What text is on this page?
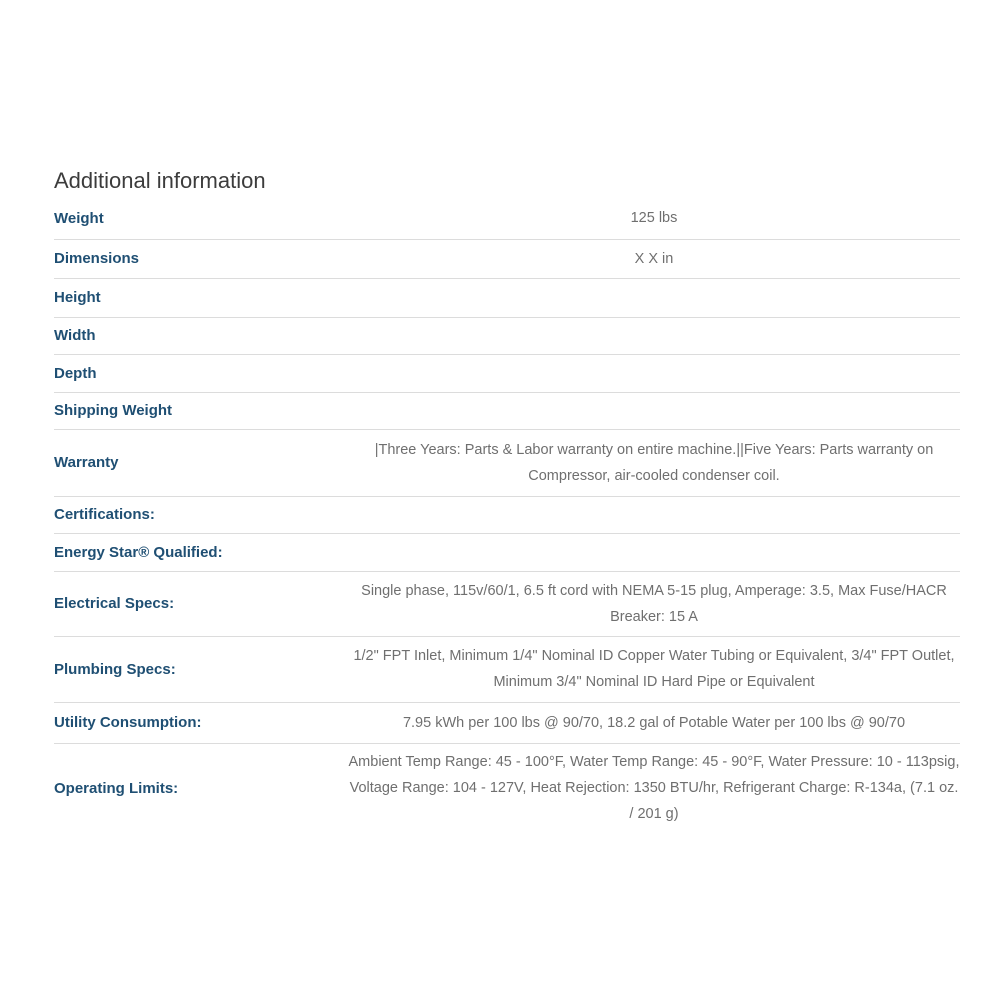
Additional information
Weight	125 lbs
Dimensions	X X in
Height	
Width	
Depth	
Shipping Weight	
Warranty	|Three Years: Parts & Labor warranty on entire machine.||Five Years: Parts warranty on Compressor, air-cooled condenser coil.
Certifications:	
Energy Star® Qualified:	
Electrical Specs:	Single phase, 115v/60/1, 6.5 ft cord with NEMA 5-15 plug, Amperage: 3.5, Max Fuse/HACR Breaker: 15 A
Plumbing Specs:	1/2" FPT Inlet, Minimum 1/4" Nominal ID Copper Water Tubing or Equivalent, 3/4" FPT Outlet, Minimum 3/4" Nominal ID Hard Pipe or Equivalent
Utility Consumption:	7.95 kWh per 100 lbs @ 90/70, 18.2 gal of Potable Water per 100 lbs @ 90/70
Operating Limits:	Ambient Temp Range: 45 - 100°F, Water Temp Range: 45 - 90°F, Water Pressure: 10 - 113psig, Voltage Range: 104 - 127V, Heat Rejection: 1350 BTU/hr, Refrigerant Charge: R-134a, (7.1 oz. / 201 g)
